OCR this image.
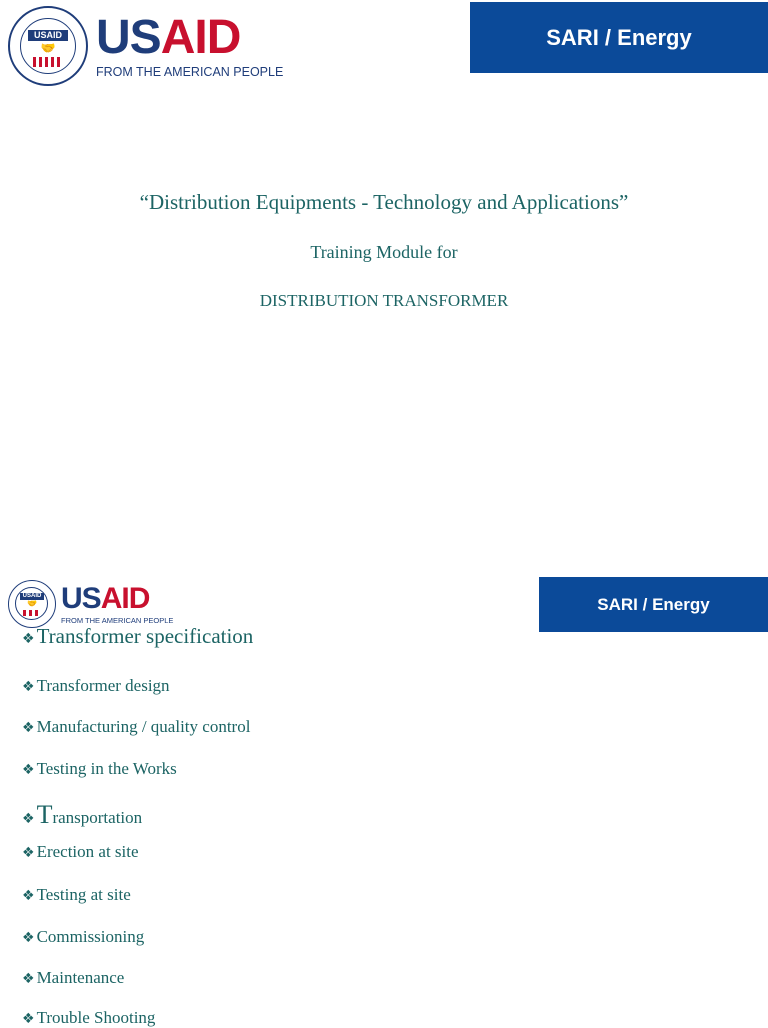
USAID
🤝 USAID
FROM THE AMERICAN PEOPLE
SARI / Energy
“Distribution Equipments - Technology and Applications”
Training Module for
DISTRIBUTION TRANSFORMER
USAID
🤝 USAID
FROM THE AMERICAN PEOPLE
SARI / Energy
❖ Transformer specification
❖ Transformer design
❖ Manufacturing / quality control
❖ Testing in the Works
❖ Transportation
❖ Erection at site
❖ Testing at site
❖ Commissioning
❖ Maintenance
❖ Trouble Shooting
